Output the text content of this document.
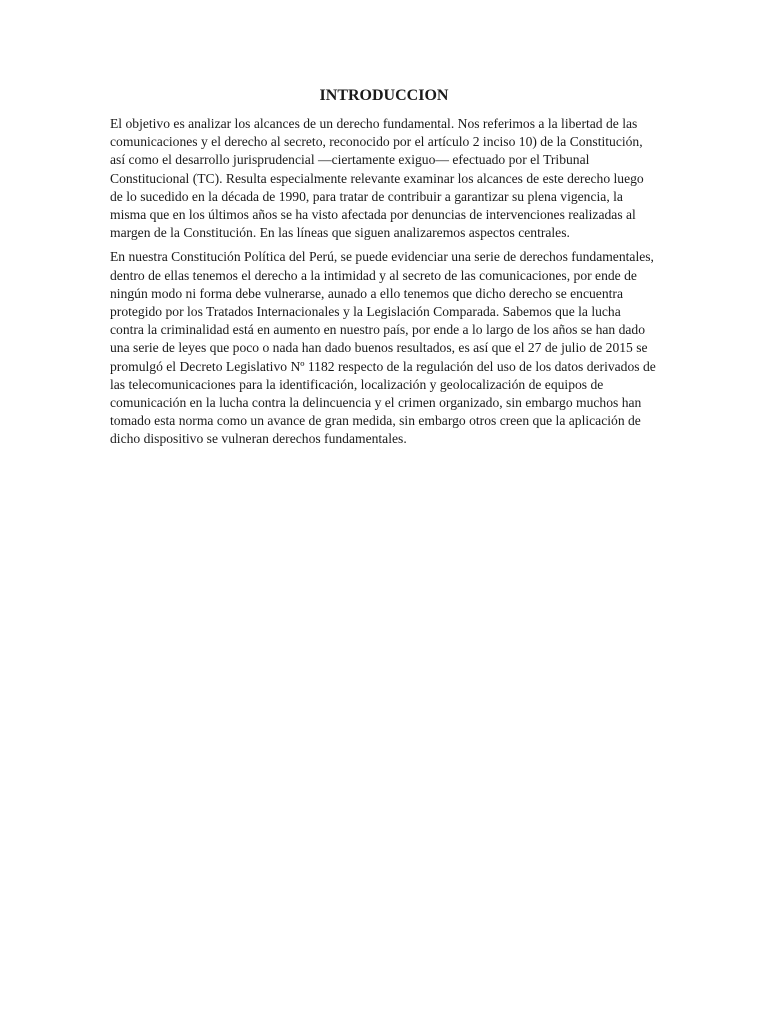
INTRODUCCION

El objetivo es analizar los alcances de un derecho fundamental. Nos referimos a la libertad de las comunicaciones y el derecho al secreto, reconocido por el artículo 2 inciso 10) de la Constitución, así como el desarrollo jurisprudencial —ciertamente exiguo— efectuado por el Tribunal Constitucional (TC). Resulta especialmente relevante examinar los alcances de este derecho luego de lo sucedido en la década de 1990, para tratar de contribuir a garantizar su plena vigencia, la misma que en los últimos años se ha visto afectada por denuncias de intervenciones realizadas al margen de la Constitución. En las líneas que siguen analizaremos aspectos centrales.

En nuestra Constitución Política del Perú, se puede evidenciar una serie de derechos fundamentales, dentro de ellas tenemos el derecho a la intimidad y al secreto de las comunicaciones, por ende de ningún modo ni forma debe vulnerarse, aunado a ello tenemos que dicho derecho se encuentra protegido por los Tratados Internacionales y la Legislación Comparada. Sabemos que la lucha contra la criminalidad está en aumento en nuestro país, por ende a lo largo de los años se han dado una serie de leyes que poco o nada han dado buenos resultados, es así que el 27 de julio de 2015 se promulgó el Decreto Legislativo Nº 1182 respecto de la regulación del uso de los datos derivados de las telecomunicaciones para la identificación, localización y geolocalización de equipos de comunicación en la lucha contra la delincuencia y el crimen organizado, sin embargo muchos han tomado esta norma como un avance de gran medida, sin embargo otros creen que la aplicación de dicho dispositivo se vulneran derechos fundamentales.
